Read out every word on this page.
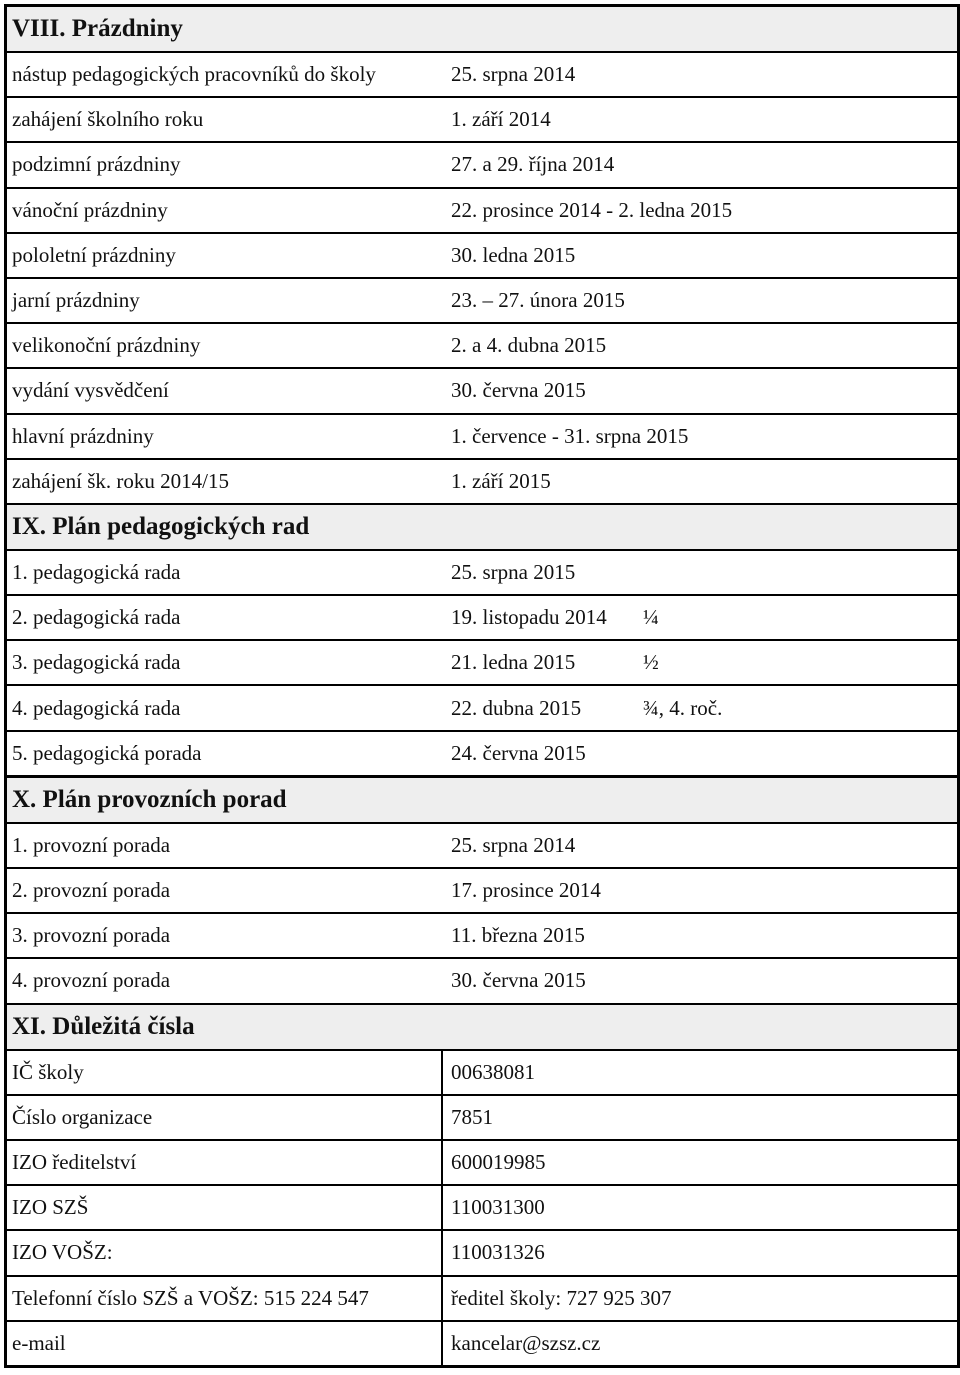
VIII. Prázdniny
nástup pedagogických pracovníků do školy	25. srpna 2014
zahájení školního roku	1. září 2014
podzimní prázdniny	27. a 29. října 2014
vánoční prázdniny	22. prosince 2014 - 2. ledna 2015
pololetní prázdniny	30. ledna 2015
jarní prázdniny	23. – 27. února 2015
velikonoční prázdniny	2. a 4. dubna 2015
vydání vysvědčení	30. června 2015
hlavní prázdniny	1. července - 31. srpna 2015
zahájení šk. roku 2014/15	1. září 2015
IX. Plán pedagogických rad
1. pedagogická rada	25. srpna 2015
2. pedagogická rada	19. listopadu 2014	¼
3. pedagogická rada	21. ledna 2015	½
4. pedagogická rada	22. dubna 2015	¾, 4. roč.
5. pedagogická porada	24. června 2015
X. Plán provozních porad
1. provozní porada	25. srpna 2014
2. provozní porada	17. prosince 2014
3. provozní porada	11. března 2015
4. provozní porada	30. června 2015
XI. Důležitá čísla
IČ školy	00638081
Číslo organizace	7851
IZO ředitelství	600019985
IZO SZŠ	110031300
IZO VOŠZ:	110031326
Telefonní číslo SZŠ a VOŠZ: 515 224 547	ředitel školy: 727 925 307
e-mail	kancelar@szsz.cz
